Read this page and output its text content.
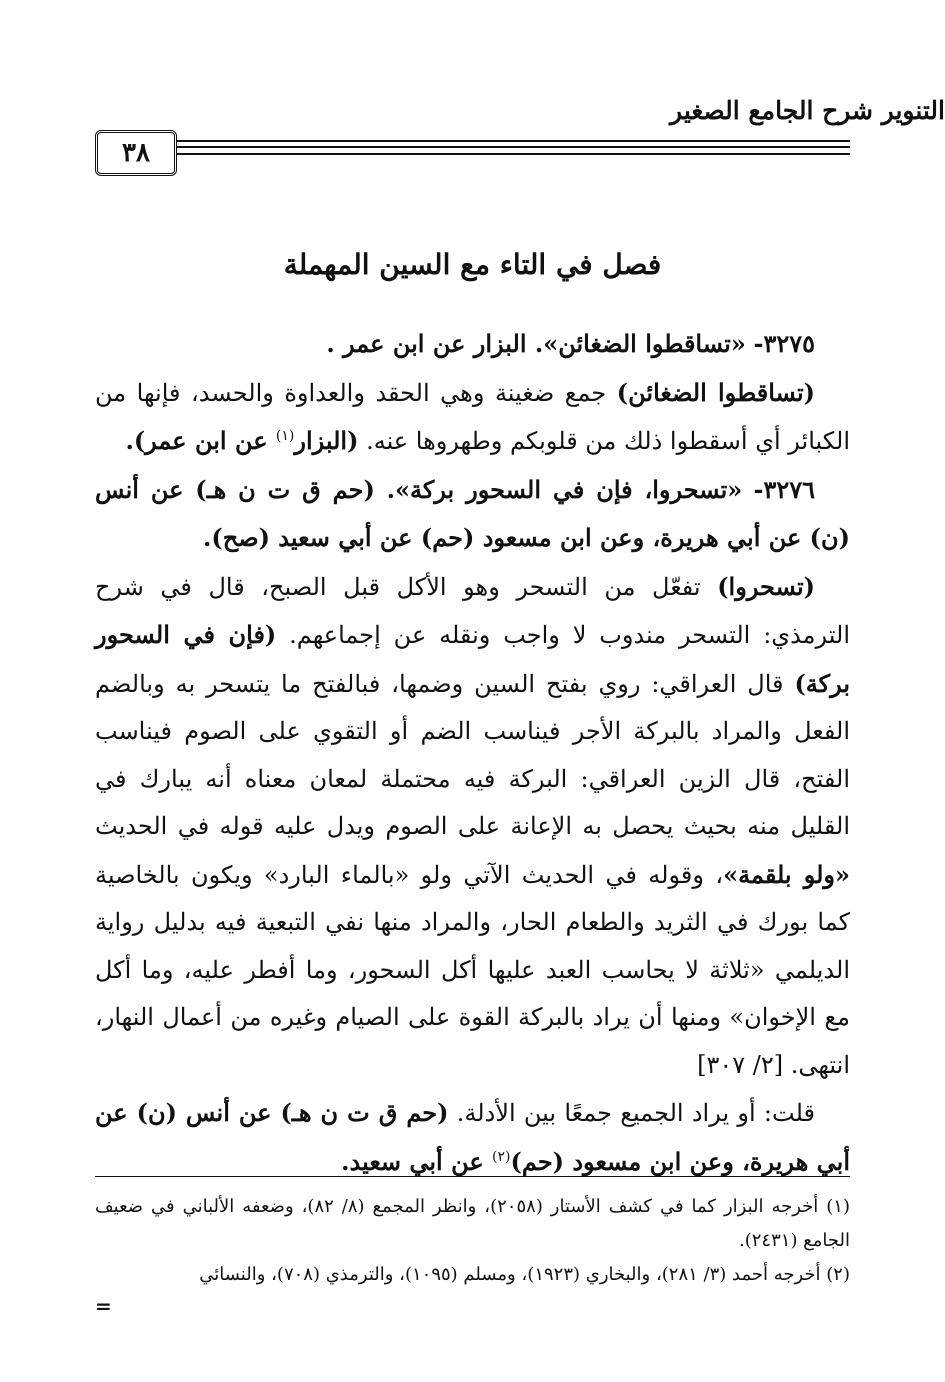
التنوير شرح الجامع الصغير
٣٨
فصل في التاء مع السين المهملة

٣٢٧٥- «تساقطوا الضغائن». البزار عن ابن عمر .

(تساقطوا الضغائن) جمع ضغينة وهي الحقد والعداوة والحسد، فإنها من الكبائر أي أسقطوا ذلك من قلوبكم وطهروها عنه. (البزار$^{(١)}$ عن ابن عمر).

٣٢٧٦- «تسحروا، فإن في السحور بركة». (حم ق ت ن هـ) عن أنس (ن) عن أبي هريرة، وعن ابن مسعود (حم) عن أبي سعيد (صح).

(تسحروا) تفعّل من التسحر وهو الأكل قبل الصبح، قال في شرح الترمذي: التسحر مندوب لا واجب ونقله عن إجماعهم. (فإن في السحور بركة) قال العراقي: روي بفتح السين وضمها، فبالفتح ما يتسحر به وبالضم الفعل والمراد بالبركة الأجر فيناسب الضم أو التقوي على الصوم فيناسب الفتح، قال الزين العراقي: البركة فيه محتملة لمعان معناه أنه يبارك في القليل منه بحيث يحصل به الإعانة على الصوم ويدل عليه قوله في الحديث «ولو بلقمة»، وقوله في الحديث الآتي ولو «بالماء البارد» ويكون بالخاصية كما بورك في الثريد والطعام الحار، والمراد منها نفي التبعية فيه بدليل رواية الديلمي «ثلاثة لا يحاسب العبد عليها أكل السحور، وما أفطر عليه، وما أكل مع الإخوان» ومنها أن يراد بالبركة القوة على الصيام وغيره من أعمال النهار، انتهى. [٢/ ٣٠٧]

قلت: أو يراد الجميع جمعًا بين الأدلة. (حم ق ت ن هـ) عن أنس (ن) عن أبي هريرة، وعن ابن مسعود (حم)$^{(٢)}$ عن أبي سعيد.

(١) أخرجه البزار كما في كشف الأستار (٢٠٥٨)، وانظر المجمع (٨/ ٨٢)، وضعفه الألباني في ضعيف الجامع (٢٤٣١).

(٢) أخرجه أحمد (٣/ ٢٨١)، والبخاري (١٩٢٣)، ومسلم (١٠٩٥)، والترمذي (٧٠٨)، والنسائي

=
